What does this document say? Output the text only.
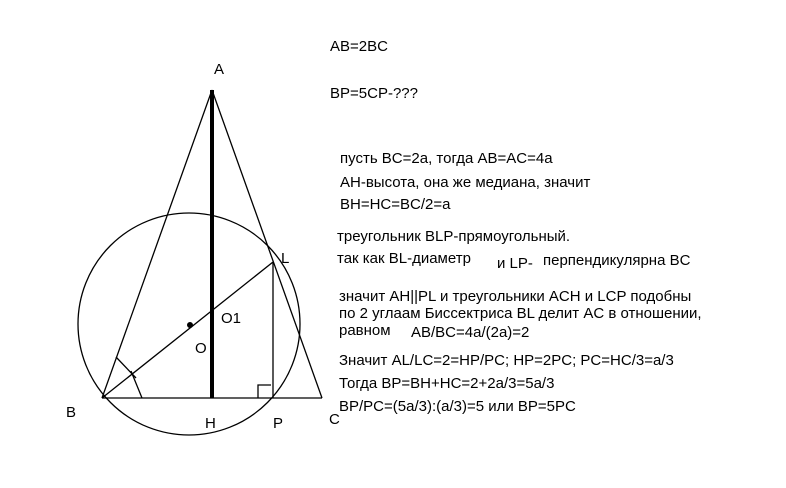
A
B	C
H	P
L
O
O1
AB=2BC
BP=5CP-???
пусть BC=2a, тогда AB=AC=4a
AH-высота, она же медиана, значит
BH=HC=BC/2=a
треугольник BLP-прямоугольный.
так как BL-диаметр и LP- перпендикулярна BC
значит AH||PL и треугольники ACH и LCP подобны
по 2 углаам Биссектриса BL делит AC в отношении,
равном AB/BC=4a/(2a)=2
Значит AL/LC=2=HP/PC; HP=2PC; PC=HC/3=a/3
Тогда BP=BH+HC=2+2a/3=5a/3
BP/PC=(5a/3):(a/3)=5 или BP=5PC
